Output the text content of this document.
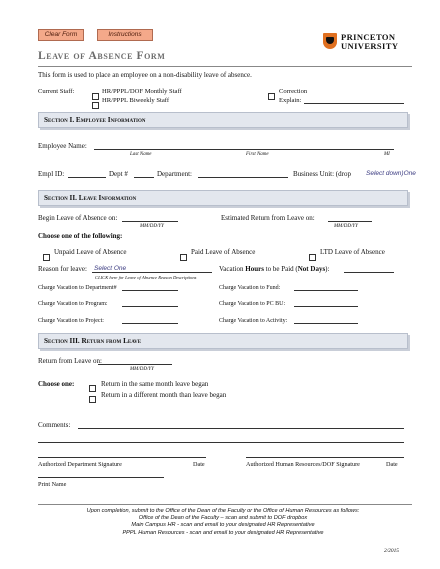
Clear Form	Instructions
Leave of Absence Form
PRINCETON
UNIVERSITY
This form is used to place an employee on a non-disability leave of absence.
Current Staff:	HR/PPPL/DOF Monthly Staff
HR/PPPL Biweekly Staff
Correction
Explain:
Section I. Employee Information
Employee Name:
Last Name	First Name	MI
Empl ID:	Dept #	Department:	Business Unit: (drop Select down)One
Section II. Leave Information
Begin Leave of Absence on:
MM/DD/YY
Estimated Return from Leave on:
MM/DD/YY
Choose one of the following:
Unpaid Leave of Absence	Paid Leave of Absence	LTD Leave of Absence
Reason for leave: Select One
CLICK here for Leave of Absence Reason Descriptions
Vacation Hours to be Paid (Not Days):
Charge Vacation to Department#	Charge Vacation to Fund:
Charge Vacation to Program:	Charge Vacation to PC BU:
Charge Vacation to Project:	Charge Vacation to Activity:
Section III. Return from Leave
Return from Leave on:
MM/DD/YY
Choose one:	Return in the same month leave began
Return in a different month than leave began
Comments:
Authorized Department Signature	Date	Authorized Human Resources/DOF Signature	Date
Print Name
Upon completion, submit to the Office of the Dean of the Faculty or the Office of Human Resources as follows:
Office of the Dean of the Faculty – scan and submit to DOF dropbox
Main Campus HR - scan and email to your designated HR Representative
PPPL Human Resources - scan and email to your designated HR Representative
2/2015
